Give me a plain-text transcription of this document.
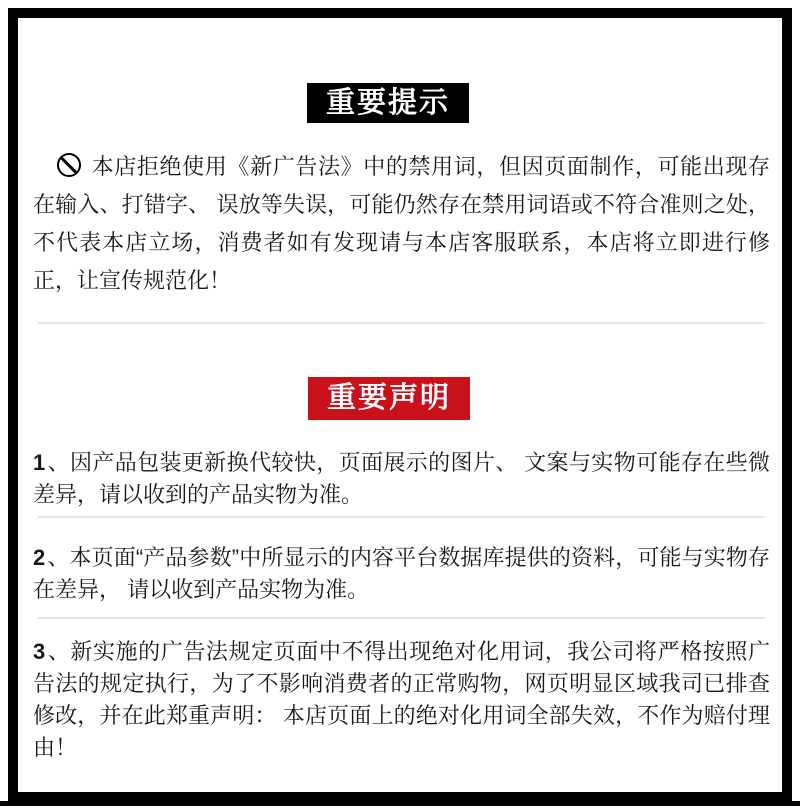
重要提示

本店拒绝使用《新广告法》中的禁用词，但因页面制作，可能出现存在输入、打错字、 误放等失误，可能仍然存在禁用词语或不符合准则之处，不代表本店立场，消费者如有发现请与本店客服联系，本店将立即进行修正，让宣传规范化！

重要声明

1、因产品包装更新换代较快，页面展示的图片、 文案与实物可能存在些微差异，请以收到的产品实物为准。

2、本页面“产品参数”中所显示的内容平台数据库提供的资料，可能与实物存在差异， 请以收到产品实物为准。

3、新实施的广告法规定页面中不得出现绝对化用词，我公司将严格按照广告法的规定执行，为了不影响消费者的正常购物，网页明显区域我司已排查修改，并在此郑重声明： 本店页面上的绝对化用词全部失效，不作为赔付理由！
